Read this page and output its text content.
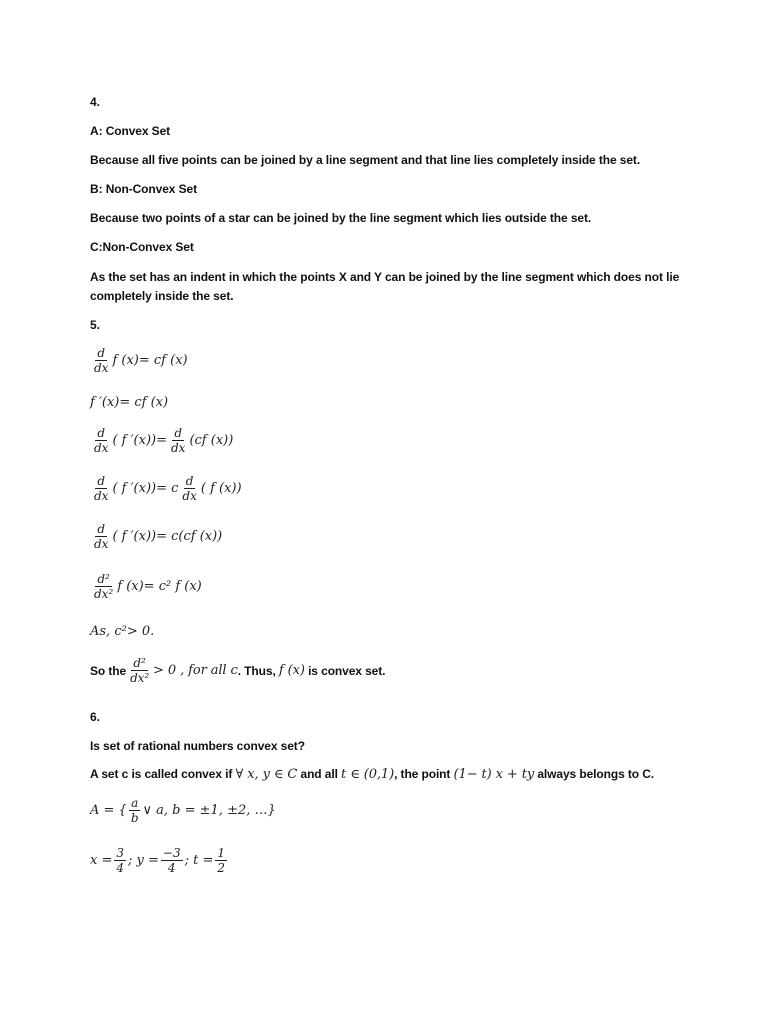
4.
A: Convex Set
Because all five points can be joined by a line segment and that line lies completely inside the set.
B: Non-Convex Set
Because two points of a star can be joined by the line segment which lies outside the set.
C:Non-Convex Set
As the set has an indent in which the points X and Y can be joined by the line segment which does not lie completely inside the set.
5.
$\frac{d}{dx}$ f (x)= cf (x)
f ′(x)= cf (x)
$\frac{d}{dx}$ ( f $'(x))= \frac{d}{dx} (cf$ (x))
$\frac{d}{dx}$ ( f ′(x))= c $\frac{d}{dx}$ ( f (x))
$\frac{d}{dx}$ ( f ′(x))= c(cf (x))
$\frac{\text{d²}}{\text{dx²}}$ f (x)= c² f (x)
As, c²> 0.
So the $\frac{\text{d²}}{\text{dx²}} > 0$ , for all c . Thus,
f (x)
is convex set.
6.
Is set of rational numbers convex set?
A set c is called convex if ∀ x, y ∈ C and all t ∈ (0,1), the point (1− t) x + ty always belongs to C.
A = { $\frac{a}{b}$ ∨ a, b = ±1, ±2, …}
$x = \frac{3}{4}$ ; $y = \frac{-3}{4}$ ; $t = \frac{1}{2}$
